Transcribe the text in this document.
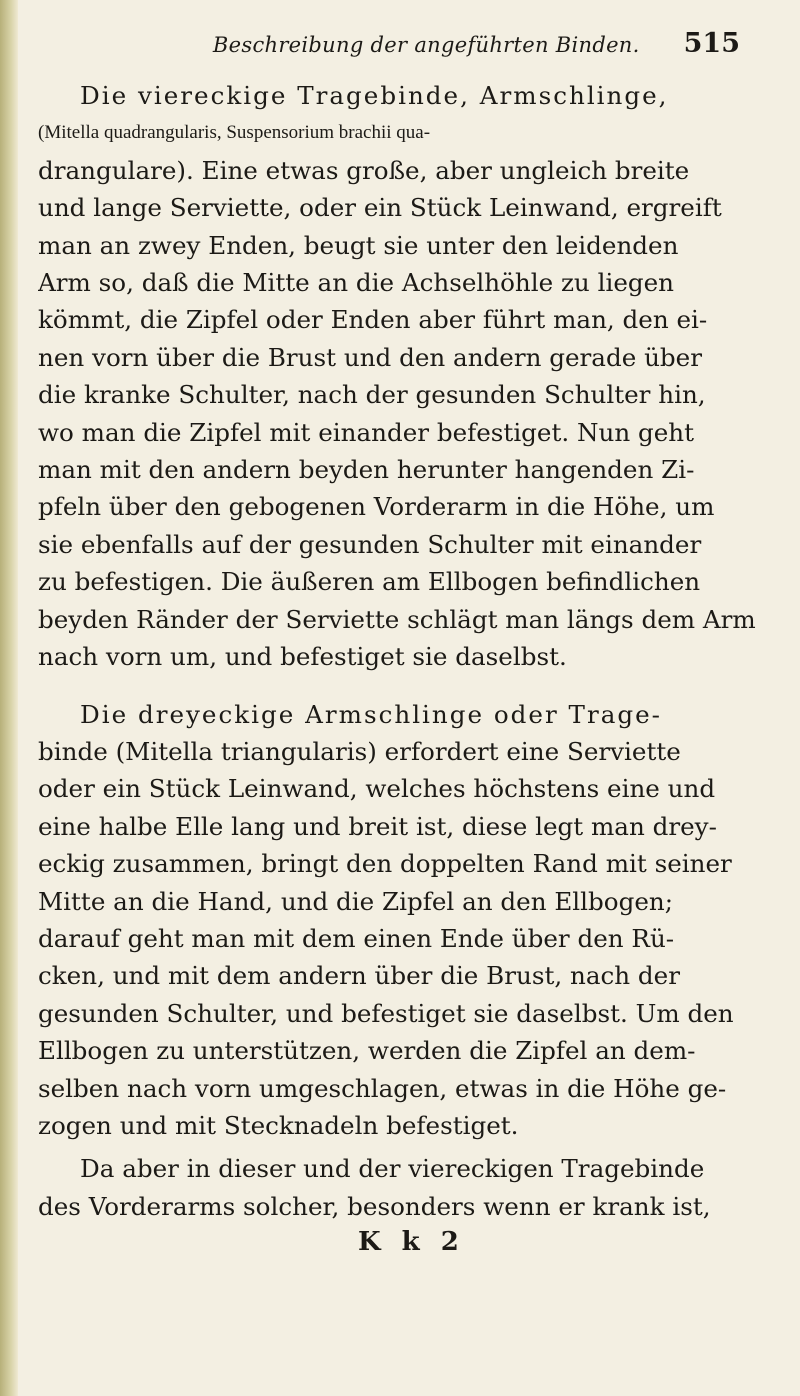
Beschreibung der angeführten Binden. 515

Die viereckige Tragebinde, Armschlinge,
(Mitella quadrangularis, Suspensorium brachii qua-
drangulare). Eine etwas große, aber ungleich breite
und lange Serviette, oder ein Stück Leinwand, ergreift
man an zwey Enden, beugt sie unter den leidenden
Arm so, daß die Mitte an die Achselhöhle zu liegen
kömmt, die Zipfel oder Enden aber führt man, den ei-
nen vorn über die Brust und den andern gerade über
die kranke Schulter, nach der gesunden Schulter hin,
wo man die Zipfel mit einander befestiget. Nun geht
man mit den andern beyden herunter hangenden Zi-
pfeln über den gebogenen Vorderarm in die Höhe, um
sie ebenfalls auf der gesunden Schulter mit einander
zu befestigen. Die äußeren am Ellbogen befindlichen
beyden Ränder der Serviette schlägt man längs dem Arm
nach vorn um, und befestiget sie daselbst.

Die dreyeckige Armschlinge oder Trage-
binde (Mitella triangularis) erfordert eine Serviette
oder ein Stück Leinwand, welches höchstens eine und
eine halbe Elle lang und breit ist, diese legt man drey-
eckig zusammen, bringt den doppelten Rand mit seiner
Mitte an die Hand, und die Zipfel an den Ellbogen;
darauf geht man mit dem einen Ende über den Rü-
cken, und mit dem andern über die Brust, nach der
gesunden Schulter, und befestiget sie daselbst. Um den
Ellbogen zu unterstützen, werden die Zipfel an dem-
selben nach vorn umgeschlagen, etwas in die Höhe ge-
zogen und mit Stecknadeln befestiget.

Da aber in dieser und der viereckigen Tragebinde
des Vorderarms solcher, besonders wenn er krank ist,

K k 2
